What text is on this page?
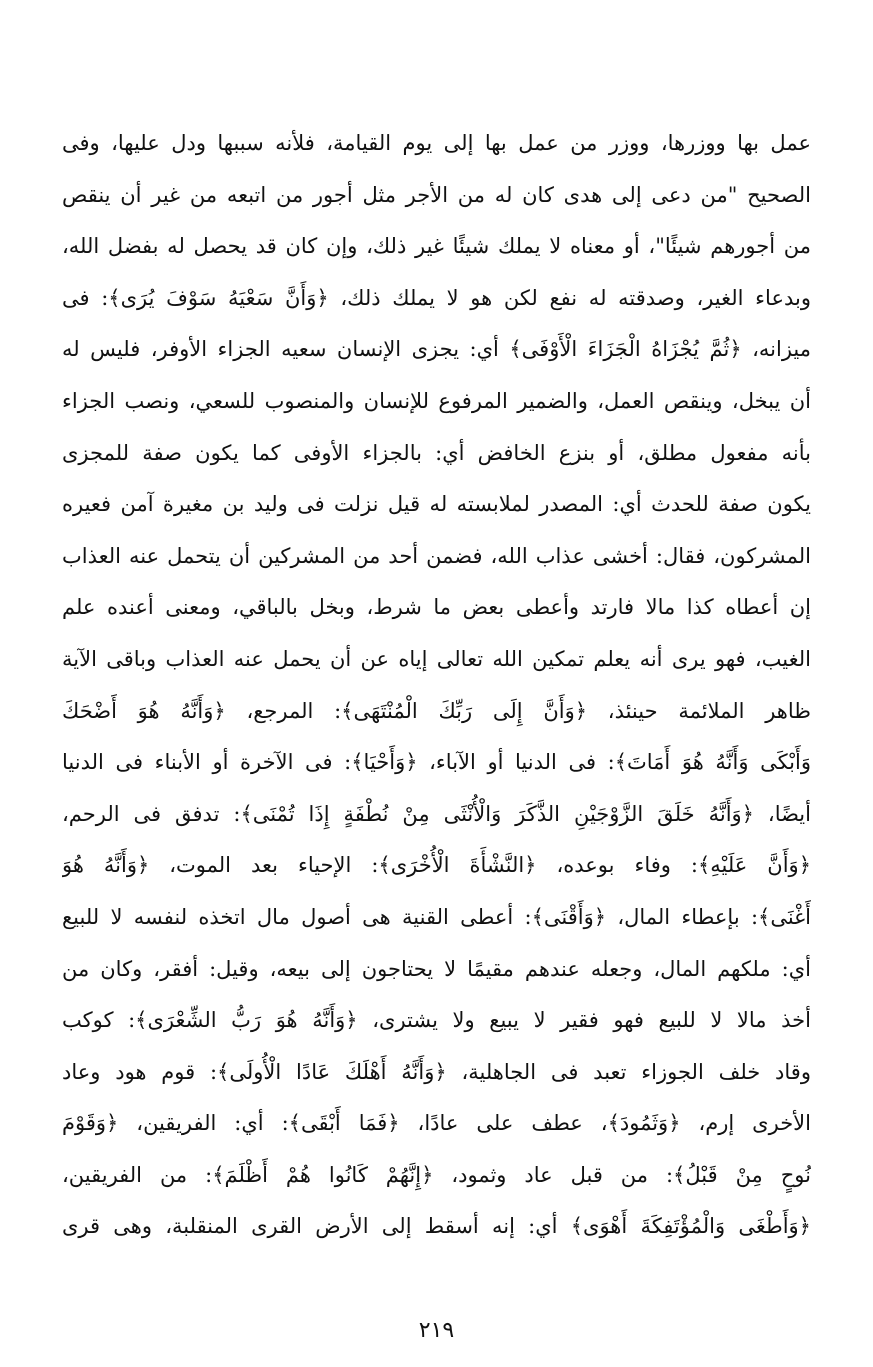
عمل بها ووزرها، ووزر من عمل بها إلى يوم القيامة، فلأنه سببها ودل عليها، وفى
الصحيح "من دعى إلى هدى كان له من الأجر مثل أجور من اتبعه من غير أن ينقص
من أجورهم شيئًا"، أو معناه لا يملك شيئًا غير ذلك، وإن كان قد يحصل له بفضل الله،
وبدعاء الغير، وصدقته له نفع لكن هو لا يملك ذلك، ﴿وَأَنَّ سَعْيَهُ سَوْفَ يُرَى﴾: فى
ميزانه، ﴿ثُمَّ يُجْزَاهُ الْجَزَاءَ الْأَوْفَى﴾ أي: يجزى الإنسان سعيه الجزاء الأوفر، فليس له
أن يبخل، وينقص العمل، والضمير المرفوع للإنسان والمنصوب للسعي، ونصب الجزاء
بأنه مفعول مطلق، أو بنزع الخافض أي: بالجزاء الأوفى كما يكون صفة للمجزى
يكون صفة للحدث أي: المصدر لملابسته له قيل نزلت فى وليد بن مغيرة آمن فعيره
المشركون، فقال: أخشى عذاب الله، فضمن أحد من المشركين أن يتحمل عنه العذاب
إن أعطاه كذا مالا فارتد وأعطى بعض ما شرط، وبخل بالباقي، ومعنى أعنده علم
الغيب، فهو يرى أنه يعلم تمكين الله تعالى إياه عن أن يحمل عنه العذاب وباقى الآية
ظاهر الملائمة حينئذ، ﴿وَأَنَّ إِلَى رَبِّكَ الْمُنْتَهَى﴾: المرجع، ﴿وَأَنَّهُ هُوَ أَضْحَكَ
وَأَبْكَى وَأَنَّهُ هُوَ أَمَاتَ﴾: فى الدنيا أو الآباء، ﴿وَأَحْيَا﴾: فى الآخرة أو الأبناء فى الدنيا
أيضًا، ﴿وَأَنَّهُ خَلَقَ الزَّوْجَيْنِ الذَّكَرَ وَالْأُنْثَى مِنْ نُطْفَةٍ إِذَا تُمْنَى﴾: تدفق فى الرحم،
﴿وَأَنَّ عَلَيْهِ﴾: وفاء بوعده، ﴿النَّشْأَةَ الْأُخْرَى﴾: الإحياء بعد الموت، ﴿وَأَنَّهُ هُوَ
أَغْنَى﴾: بإعطاء المال، ﴿وَأَقْنَى﴾: أعطى القنية هى أصول مال اتخذه لنفسه لا للبيع
أي: ملكهم المال، وجعله عندهم مقيمًا لا يحتاجون إلى بيعه، وقيل: أفقر، وكان من
أخذ مالا لا للبيع فهو فقير لا يبيع ولا يشترى، ﴿وَأَنَّهُ هُوَ رَبُّ الشِّعْرَى﴾: كوكب
وقاد خلف الجوزاء تعبد فى الجاهلية، ﴿وَأَنَّهُ أَهْلَكَ عَادًا الْأُولَى﴾: قوم هود وعاد
الأخرى إرم، ﴿وَثَمُودَ﴾، عطف على عادًا، ﴿فَمَا أَبْقَى﴾: أي: الفريقين، ﴿وَقَوْمَ
نُوحٍ مِنْ قَبْلُ﴾: من قبل عاد وثمود، ﴿إِنَّهُمْ كَانُوا هُمْ أَظْلَمَ﴾: من الفريقين،
﴿وَأَطْغَى وَالْمُؤْتَفِكَةَ أَهْوَى﴾ أي: إنه أسقط إلى الأرض القرى المنقلبة، وهى قرى
٢١٩
